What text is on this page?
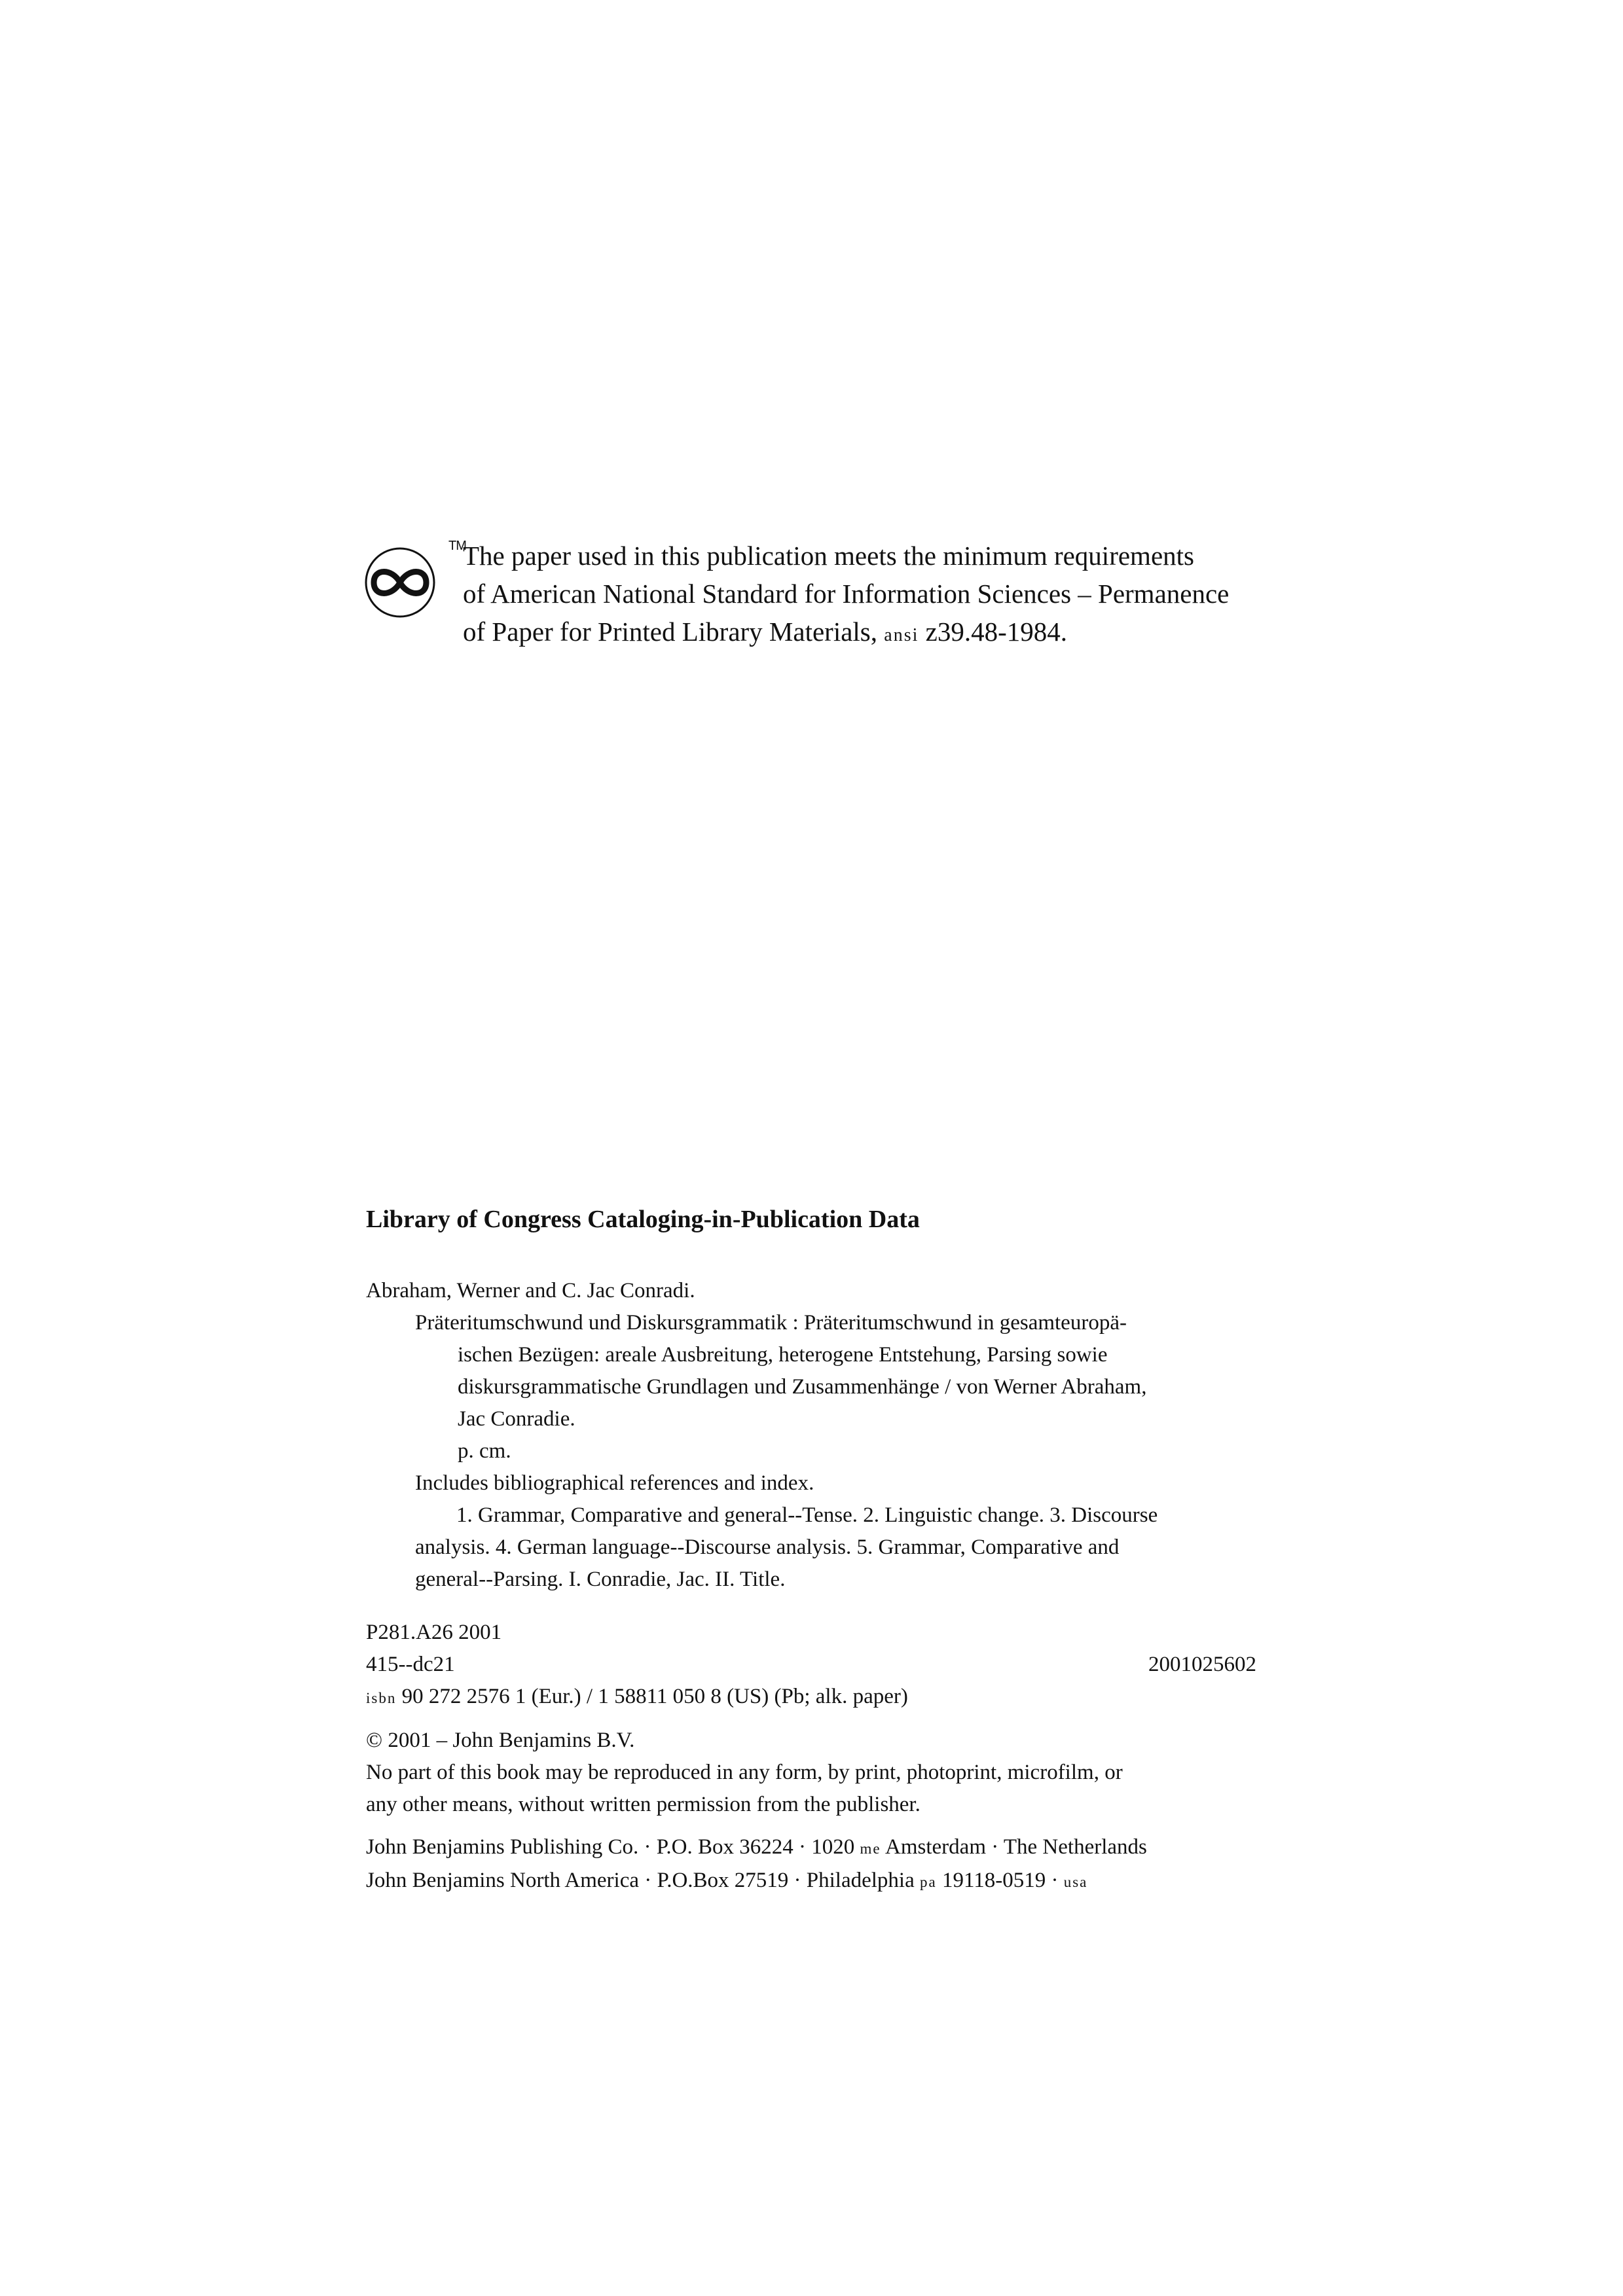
TM
The paper used in this publication meets the minimum requirements
of American National Standard for Information Sciences – Permanence
of Paper for Printed Library Materials, ansi z39.48-1984.
Library of Congress Cataloging-in-Publication Data
Abraham, Werner and C. Jac Conradi.
Präteritumschwund und Diskursgrammatik : Präteritumschwund in gesamteuropä-
ischen Bezügen: areale Ausbreitung, heterogene Entstehung, Parsing sowie
diskursgrammatische Grundlagen und Zusammenhänge / von Werner Abraham,
Jac Conradie.
p. cm.
Includes bibliographical references and index.
1. Grammar, Comparative and general--Tense. 2. Linguistic change. 3. Discourse
analysis. 4. German language--Discourse analysis. 5. Grammar, Comparative and
general--Parsing. I. Conradie, Jac. II. Title.
P281.A26 2001
415--dc21	2001025602
isbn 90 272 2576 1 (Eur.) / 1 58811 050 8 (US) (Pb; alk. paper)
© 2001 – John Benjamins B.V.
No part of this book may be reproduced in any form, by print, photoprint, microfilm, or
any other means, without written permission from the publisher.
John Benjamins Publishing Co. · P.O. Box 36224 · 1020 me Amsterdam · The Netherlands
John Benjamins North America · P.O.Box 27519 · Philadelphia pa 19118-0519 · usa
